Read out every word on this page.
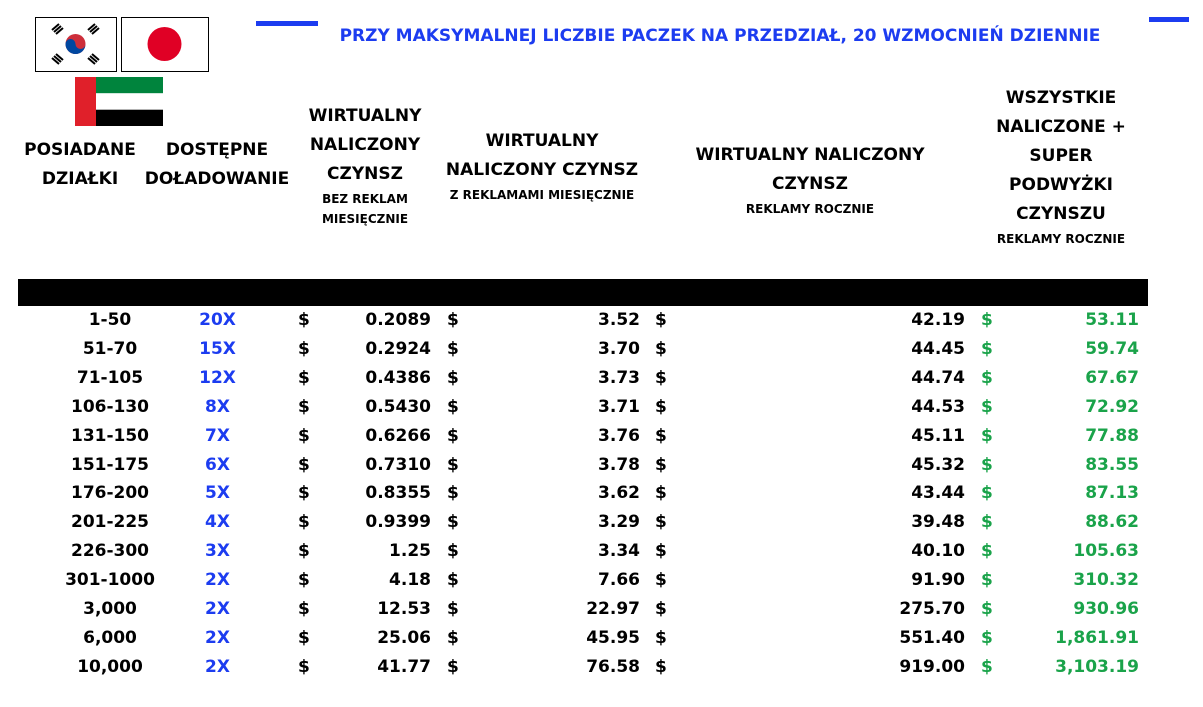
PRZY MAKSYMALNEJ LICZBIE PACZEK NA PRZEDZIAŁ, 20 WZMOCNIEŃ DZIENNIE
POSIADANE DZIAŁKI
DOSTĘPNE DOŁADOWANIE
WIRTUALNY NALICZONY CZYNSZ
BEZ REKLAM MIESIĘCZNIE
WIRTUALNY NALICZONY CZYNSZ
Z REKLAMAMI MIESIĘCZNIE
WIRTUALNY NALICZONY CZYNSZ
REKLAMY ROCZNIE
WSZYSTKIE NALICZONE + SUPER PODWYŻKI CZYNSZU
REKLAMY ROCZNIE
1-50	20X	$	0.2089 $	3.52 $	42.19 $	53.11
51-70	15X	$	0.2924 $	3.70 $	44.45 $	59.74
71-105	12X	$	0.4386 $	3.73 $	44.74 $	67.67
106-130	8X	$	0.5430 $	3.71 $	44.53 $	72.92
131-150	7X	$	0.6266 $	3.76 $	45.11 $	77.88
151-175	6X	$	0.7310 $	3.78 $	45.32 $	83.55
176-200	5X	$	0.8355 $	3.62 $	43.44 $	87.13
201-225	4X	$	0.9399 $	3.29 $	39.48 $	88.62
226-300	3X	$	1.25 $	3.34 $	40.10 $	105.63
301-1000	2X	$	4.18 $	7.66 $	91.90 $	310.32
3,000	2X	$	12.53 $	22.97 $	275.70 $	930.96
6,000	2X	$	25.06 $	45.95 $	551.40 $	1,861.91
10,000	2X	$	41.77 $	76.58 $	919.00 $	3,103.19
